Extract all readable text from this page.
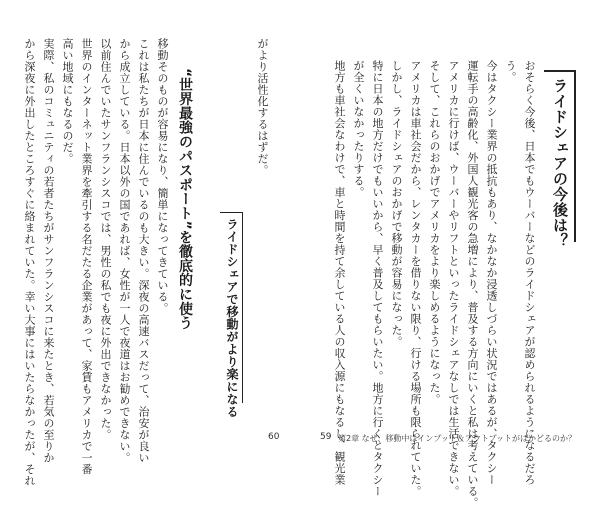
から深夜に外出したところすぐに絡まれていた。幸い大事にはいたらなかったが、それ 実際、私のコミュニティの若者たちがサンフランシスコに来たとき、若気の至りか 高い地域にもなるのだ。 世界のインターネット業界を牽引する名だたる企業があって、家賃もアメリカで一番 以前住んでいたサンフランシスコでは、男性の私でも夜に外出できなかった。 から成立している。日本以外の国であれば、女性が一人で夜道はお勧めできない。 これは私たちが日本に住んでいるのも大きい。深夜の高速バスだって、治安が良い 移動そのものが容易になり、簡単になってきている。 “世界最強のパスポート”を徹底的に使う	ライドシェアで移動がより楽になる
がより活性化するはずだ。
60	地方も車社会なわけで、車と時間を持て余している人の収入源にもなるし、観光業 が全くいなかったりする。 特に日本の地方だけでもいいから、早く普及してもらいたい。地方に行くとタクシー しかし、ライドシェアのおかげで移動が容易になった。 アメリカは車社会だから、レンタカーを借りない限り、行ける場所も限られていた。 そして、これらのおかげでアメリカをより楽しめるようになった。 アメリカに行けば、ウーバーやリフトといったライドシェアなしでは生活できない。 運転手の高齢化、外国人観光客の急増により、普及する方向にいくと私は考えている。 今はタクシー業界の抵抗もあり、なかなか浸透しづらい状況ではあるが、タクシー う。 おそらく今後、日本でもウーバーなどのライドシェアが認められるようになるだろ ライドシェアの今後は？
第2章 なぜ、移動中はインプット＆アウトプットがはかどるのか？
59
